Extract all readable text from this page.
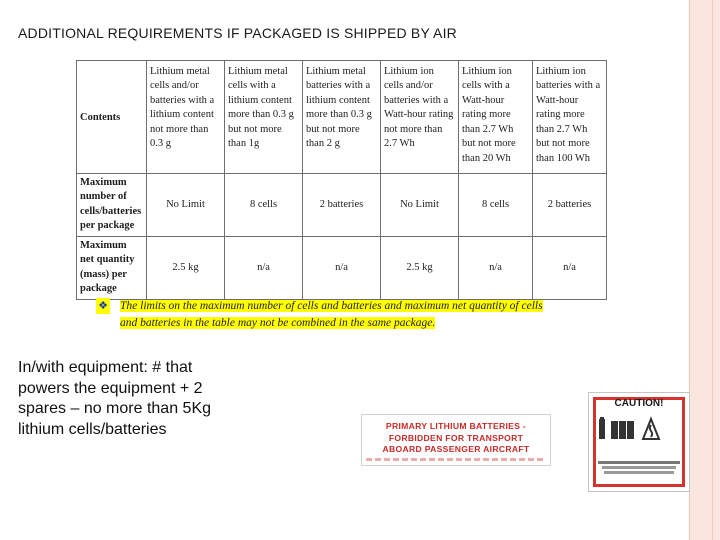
ADDITIONAL REQUIREMENTS IF PACKAGED IS SHIPPED BY AIR
Contents	Lithium metal cells and/or batteries with a lithium content not more than 0.3 g	Lithium metal cells with a lithium content more than 0.3 g but not more than 1g	Lithium metal batteries with a lithium content more than 0.3 g but not more than 2 g	Lithium ion cells and/or batteries with a Watt-hour rating not more than 2.7 Wh	Lithium ion cells with a Watt-hour rating more than 2.7 Wh but not more than 20 Wh	Lithium ion batteries with a Watt-hour rating more than 2.7 Wh but not more than 100 Wh
Maximum number of cells/batteries per package	No Limit	8 cells	2 batteries	No Limit	8 cells	2 batteries
Maximum net quantity (mass) per package	2.5 kg	n/a	n/a	2.5 kg	n/a	n/a
❖	The limits on the maximum number of cells and batteries and maximum net quantity of cells and batteries in the table may not be combined in the same package.
In/with equipment: # that powers the equipment + 2 spares – no more than 5Kg lithium cells/batteries	PRIMARY LITHIUM BATTERIES -
FORBIDDEN FOR TRANSPORT
ABOARD PASSENGER AIRCRAFT
CAUTION!
